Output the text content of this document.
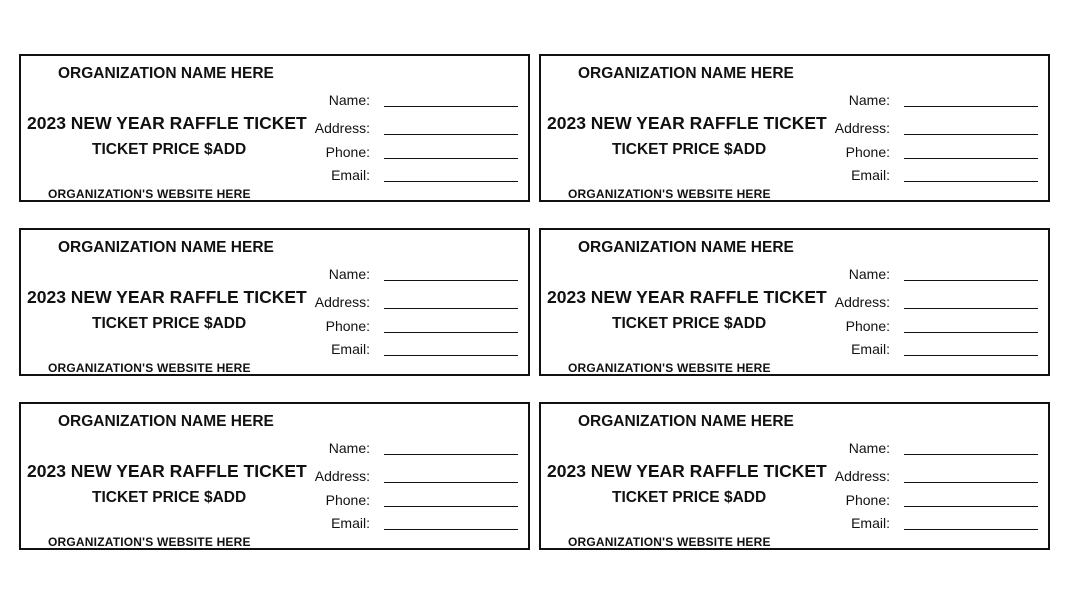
ORGANIZATION NAME HERE
2023 NEW YEAR RAFFLE TICKET
TICKET PRICE $ADD
ORGANIZATION'S WEBSITE HERE
Name:
Address:
Phone:
Email:
ORGANIZATION NAME HERE
2023 NEW YEAR RAFFLE TICKET
TICKET PRICE $ADD
ORGANIZATION'S WEBSITE HERE
Name:
Address:
Phone:
Email:
ORGANIZATION NAME HERE
2023 NEW YEAR RAFFLE TICKET
TICKET PRICE $ADD
ORGANIZATION'S WEBSITE HERE
Name:
Address:
Phone:
Email:
ORGANIZATION NAME HERE
2023 NEW YEAR RAFFLE TICKET
TICKET PRICE $ADD
ORGANIZATION'S WEBSITE HERE
Name:
Address:
Phone:
Email:
ORGANIZATION NAME HERE
2023 NEW YEAR RAFFLE TICKET
TICKET PRICE $ADD
ORGANIZATION'S WEBSITE HERE
Name:
Address:
Phone:
Email:
ORGANIZATION NAME HERE
2023 NEW YEAR RAFFLE TICKET
TICKET PRICE $ADD
ORGANIZATION'S WEBSITE HERE
Name:
Address:
Phone:
Email:
